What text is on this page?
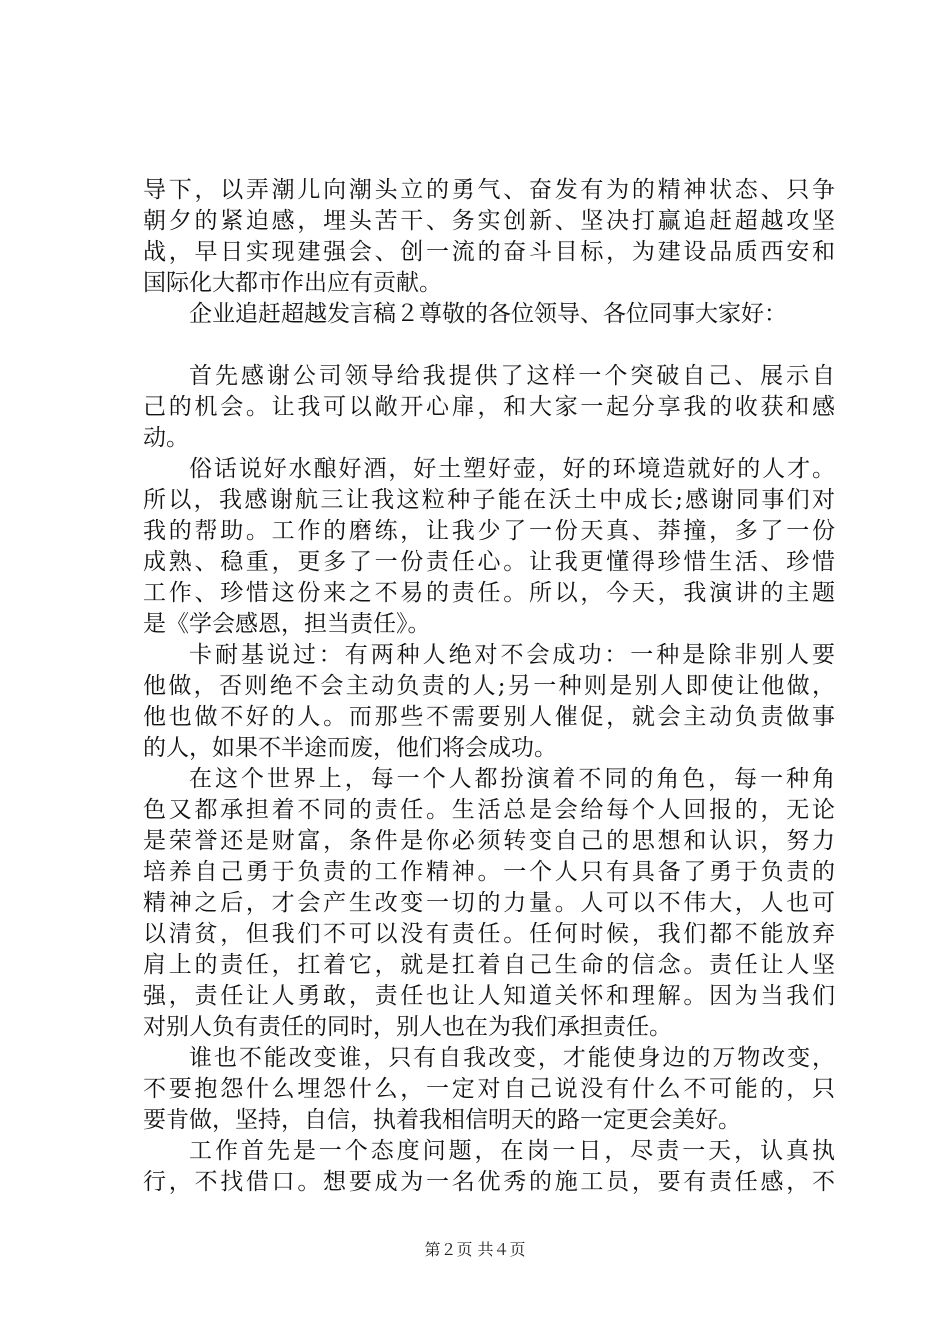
导下，以弄潮儿向潮头立的勇气、奋发有为的精神状态、只争
朝夕的紧迫感，埋头苦干、务实创新、坚决打赢追赶超越攻坚
战，早日实现建强会、创一流的奋斗目标，为建设品质西安和
国际化大都市作出应有贡献。
企业追赶超越发言稿２尊敬的各位领导、各位同事大家好：
首先感谢公司领导给我提供了这样一个突破自己、展示自
己的机会。让我可以敞开心扉，和大家一起分享我的收获和感
动。
俗话说好水酿好酒，好土塑好壶，好的环境造就好的人才。
所以，我感谢航三让我这粒种子能在沃土中成长;感谢同事们对
我的帮助。工作的磨练，让我少了一份天真、莽撞，多了一份
成熟、稳重，更多了一份责任心。让我更懂得珍惜生活、珍惜
工作、珍惜这份来之不易的责任。所以，今天，我演讲的主题
是《学会感恩，担当责任》。
卡耐基说过：有两种人绝对不会成功：一种是除非别人要
他做，否则绝不会主动负责的人;另一种则是别人即使让他做，
他也做不好的人。而那些不需要别人催促，就会主动负责做事
的人，如果不半途而废，他们将会成功。
在这个世界上，每一个人都扮演着不同的角色，每一种角
色又都承担着不同的责任。生活总是会给每个人回报的，无论
是荣誉还是财富，条件是你必须转变自己的思想和认识，努力
培养自己勇于负责的工作精神。一个人只有具备了勇于负责的
精神之后，才会产生改变一切的力量。人可以不伟大，人也可
以清贫，但我们不可以没有责任。任何时候，我们都不能放弃
肩上的责任，扛着它，就是扛着自己生命的信念。责任让人坚
强，责任让人勇敢，责任也让人知道关怀和理解。因为当我们
对别人负有责任的同时，别人也在为我们承担责任。
谁也不能改变谁，只有自我改变，才能使身边的万物改变，
不要抱怨什么埋怨什么，一定对自己说没有什么不可能的，只
要肯做，坚持，自信，执着我相信明天的路一定更会美好。
工作首先是一个态度问题，在岗一日，尽责一天，认真执
行，不找借口。想要成为一名优秀的施工员，要有责任感，不
第２页 共４页
